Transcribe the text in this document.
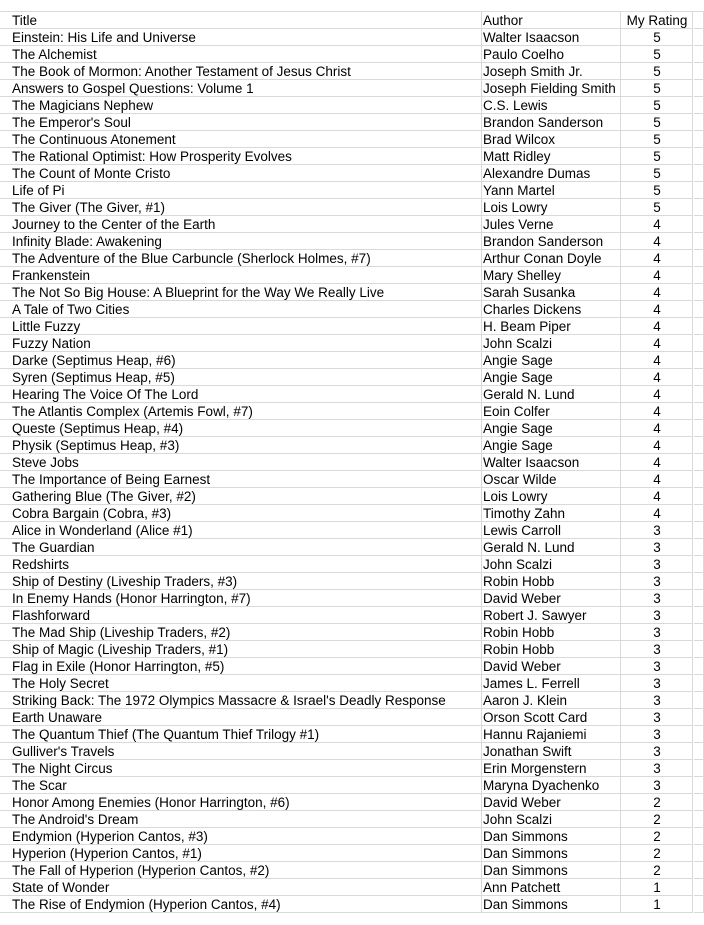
Title	Author	My Rating
Einstein: His Life and Universe	Walter Isaacson	5
The Alchemist	Paulo Coelho	5
The Book of Mormon: Another Testament of Jesus Christ	Joseph Smith Jr.	5
Answers to Gospel Questions: Volume 1	Joseph Fielding Smith	5
The Magicians Nephew	C.S. Lewis	5
The Emperor's Soul	Brandon Sanderson	5
The Continuous Atonement	Brad Wilcox	5
The Rational Optimist: How Prosperity Evolves	Matt Ridley	5
The Count of Monte Cristo	Alexandre Dumas	5
Life of Pi	Yann Martel	5
The Giver (The Giver, #1)	Lois Lowry	5
Journey to the Center of the Earth	Jules Verne	4
Infinity Blade: Awakening	Brandon Sanderson	4
The Adventure of the Blue Carbuncle (Sherlock Holmes, #7)	Arthur Conan Doyle	4
Frankenstein	Mary Shelley	4
The Not So Big House: A Blueprint for the Way We Really Live	Sarah Susanka	4
A Tale of Two Cities	Charles Dickens	4
Little Fuzzy	H. Beam Piper	4
Fuzzy Nation	John Scalzi	4
Darke (Septimus Heap, #6)	Angie Sage	4
Syren (Septimus Heap, #5)	Angie Sage	4
Hearing The Voice Of The Lord	Gerald N. Lund	4
The Atlantis Complex (Artemis Fowl, #7)	Eoin Colfer	4
Queste (Septimus Heap, #4)	Angie Sage	4
Physik (Septimus Heap, #3)	Angie Sage	4
Steve Jobs	Walter Isaacson	4
The Importance of Being Earnest	Oscar Wilde	4
Gathering Blue (The Giver, #2)	Lois Lowry	4
Cobra Bargain (Cobra, #3)	Timothy Zahn	4
Alice in Wonderland (Alice #1)	Lewis Carroll	3
The Guardian	Gerald N. Lund	3
Redshirts	John Scalzi	3
Ship of Destiny (Liveship Traders, #3)	Robin Hobb	3
In Enemy Hands (Honor Harrington, #7)	David Weber	3
Flashforward	Robert J. Sawyer	3
The Mad Ship (Liveship Traders, #2)	Robin Hobb	3
Ship of Magic (Liveship Traders, #1)	Robin Hobb	3
Flag in Exile (Honor Harrington, #5)	David Weber	3
The Holy Secret	James L. Ferrell	3
Striking Back: The 1972 Olympics Massacre & Israel's Deadly Response	Aaron J. Klein	3
Earth Unaware	Orson Scott Card	3
The Quantum Thief (The Quantum Thief Trilogy #1)	Hannu Rajaniemi	3
Gulliver's Travels	Jonathan Swift	3
The Night Circus	Erin Morgenstern	3
The Scar	Maryna Dyachenko	3
Honor Among Enemies (Honor Harrington, #6)	David Weber	2
The Android's Dream	John Scalzi	2
Endymion (Hyperion Cantos, #3)	Dan Simmons	2
Hyperion (Hyperion Cantos, #1)	Dan Simmons	2
The Fall of Hyperion (Hyperion Cantos, #2)	Dan Simmons	2
State of Wonder	Ann Patchett	1
The Rise of Endymion (Hyperion Cantos, #4)	Dan Simmons	1
